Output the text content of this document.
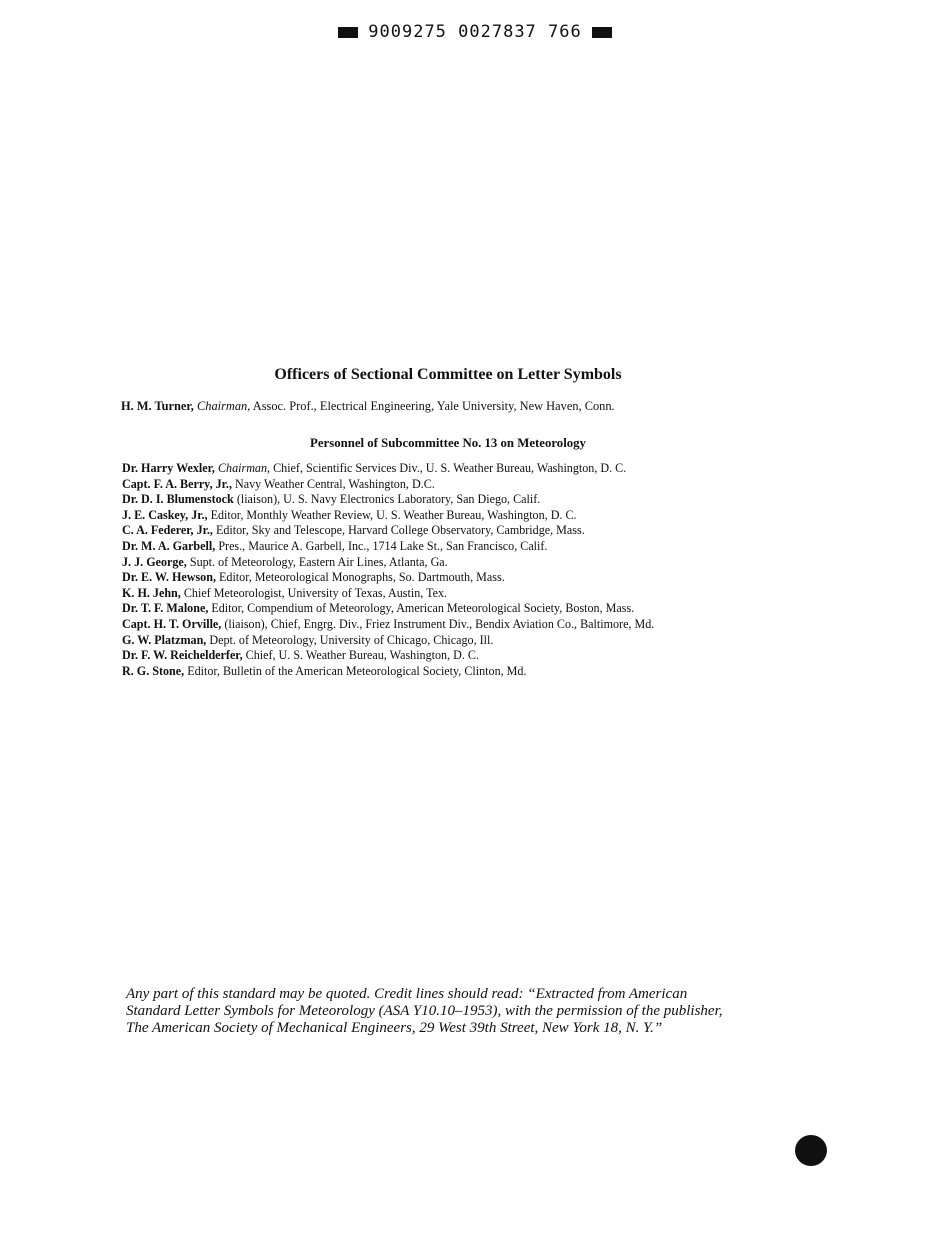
9009275 0027837 766
Officers of Sectional Committee on Letter Symbols
H. M. Turner, Chairman, Assoc. Prof., Electrical Engineering, Yale University, New Haven, Conn.
Personnel of Subcommittee No. 13 on Meteorology
Dr. Harry Wexler, Chairman, Chief, Scientific Services Div., U. S. Weather Bureau, Washington, D. C.
Capt. F. A. Berry, Jr., Navy Weather Central, Washington, D.C.
Dr. D. I. Blumenstock (liaison), U. S. Navy Electronics Laboratory, San Diego, Calif.
J. E. Caskey, Jr., Editor, Monthly Weather Review, U. S. Weather Bureau, Washington, D. C.
C. A. Federer, Jr., Editor, Sky and Telescope, Harvard College Observatory, Cambridge, Mass.
Dr. M. A. Garbell, Pres., Maurice A. Garbell, Inc., 1714 Lake St., San Francisco, Calif.
J. J. George, Supt. of Meteorology, Eastern Air Lines, Atlanta, Ga.
Dr. E. W. Hewson, Editor, Meteorological Monographs, So. Dartmouth, Mass.
K. H. Jehn, Chief Meteorologist, University of Texas, Austin, Tex.
Dr. T. F. Malone, Editor, Compendium of Meteorology, American Meteorological Society, Boston, Mass.
Capt. H. T. Orville, (liaison), Chief, Engrg. Div., Friez Instrument Div., Bendix Aviation Co., Baltimore, Md.
G. W. Platzman, Dept. of Meteorology, University of Chicago, Chicago, Ill.
Dr. F. W. Reichelderfer, Chief, U. S. Weather Bureau, Washington, D. C.
R. G. Stone, Editor, Bulletin of the American Meteorological Society, Clinton, Md.

Any part of this standard may be quoted. Credit lines should read: “Extracted from American
Standard Letter Symbols for Meteorology (ASA Y10.10–1953), with the permission of the publisher,
The American Society of Mechanical Engineers, 29 West 39th Street, New York 18, N. Y.”
